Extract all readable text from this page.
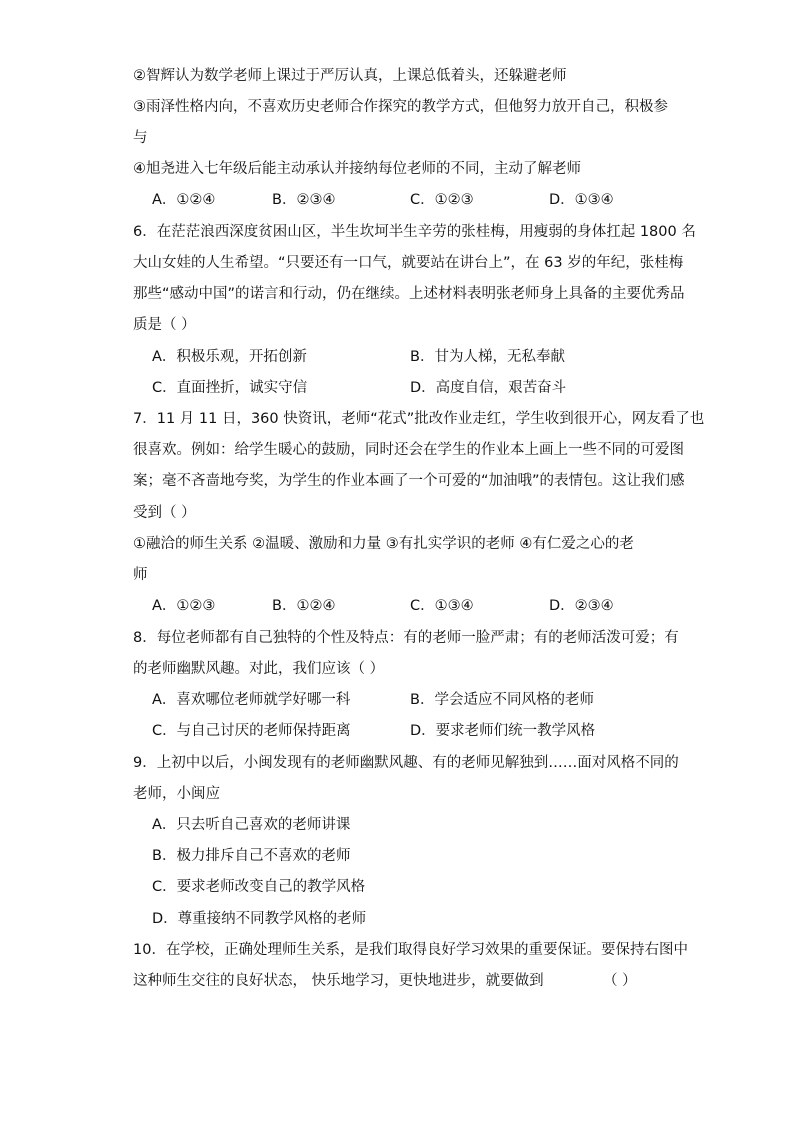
②智辉认为数学老师上课过于严厉认真，上课总低着头，还躲避老师
③雨泽性格内向，不喜欢历史老师合作探究的教学方式，但他努力放开自己，积极参
与
④旭尧进入七年级后能主动承认并接纳每位老师的不同，主动了解老师
A．①②④	B．②③④	C．①②③	D．①③④
6．在茫茫浪西深度贫困山区，半生坎坷半生辛劳的张桂梅，用瘦弱的身体扛起 1800 名
大山女娃的人生希望。“只要还有一口气，就要站在讲台上”，在 63 岁的年纪，张桂梅
那些“感动中国”的诺言和行动，仍在继续。上述材料表明张老师身上具备的主要优秀品
质是（ ）
A．积极乐观，开拓创新	B．甘为人梯，无私奉献
C．直面挫折，诚实守信	D．高度自信，艰苦奋斗
7．11 月 11 日，360 快资讯，老师“花式”批改作业走红，学生收到很开心，网友看了也
很喜欢。例如：给学生暖心的鼓励，同时还会在学生的作业本上画上一些不同的可爱图
案；毫不吝啬地夸奖，为学生的作业本画了一个可爱的“加油哦”的表情包。这让我们感
受到（ ）
①融洽的师生关系 ②温暖、激励和力量 ③有扎实学识的老师 ④有仁爱之心的老
师
A．①②③	B．①②④	C．①③④	D．②③④
8．每位老师都有自己独特的个性及特点：有的老师一脸严肃；有的老师活泼可爱；有
的老师幽默风趣。对此，我们应该（ ）
A．喜欢哪位老师就学好哪一科	B．学会适应不同风格的老师
C．与自己讨厌的老师保持距离	D．要求老师们统一教学风格
9．上初中以后，小闽发现有的老师幽默风趣、有的老师见解独到……面对风格不同的
老师，小闽应
A．只去听自己喜欢的老师讲课
B．极力排斥自己不喜欢的老师
C．要求老师改变自己的教学风格
D．尊重接纳不同教学风格的老师
10．在学校，正确处理师生关系，是我们取得良好学习效果的重要保证。要保持右图中
这种师生交往的良好状态， 快乐地学习，更快地进步，就要做到	（ ）
